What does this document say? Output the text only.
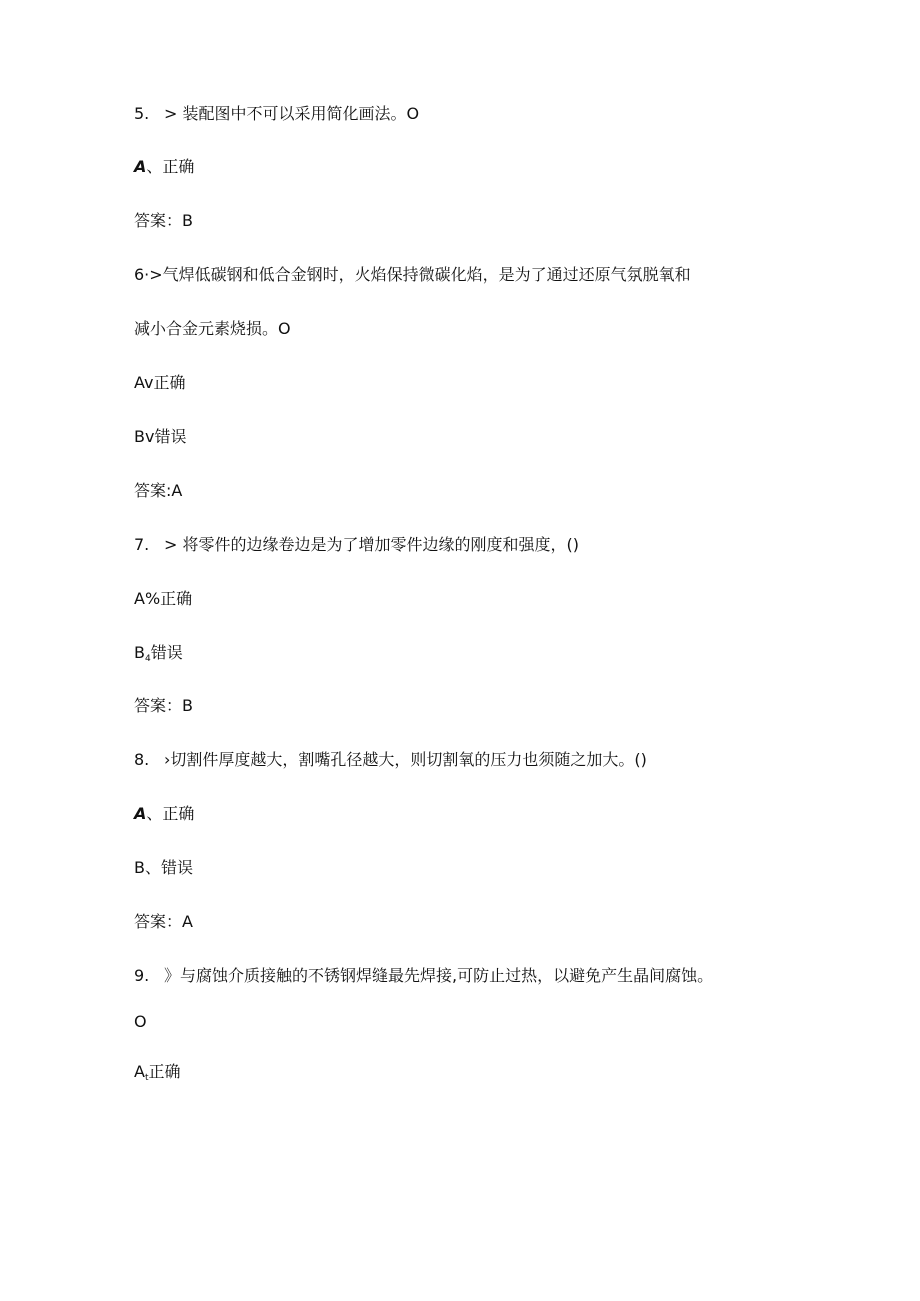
5. > 装配图中不可以采用简化画法。O
A、正确
答案：B
6·>气焊低碳钢和低合金钢时，火焰保持微碳化焰，是为了通过还原气氛脱氧和
减小合金元素烧损。O
Av正确
Bv错误
答案:A
7. > 将零件的边缘卷边是为了增加零件边缘的刚度和强度，()
A%正确
$B_4$错误
答案：B
8. ›切割件厚度越大，割嘴孔径越大，则切割氧的压力也须随之加大。()
A、正确
B、错误
答案：A
9. 》与腐蚀介质接触的不锈钢焊缝最先焊接,可防止过热，以避免产生晶间腐蚀。
O
$A_t$正确
